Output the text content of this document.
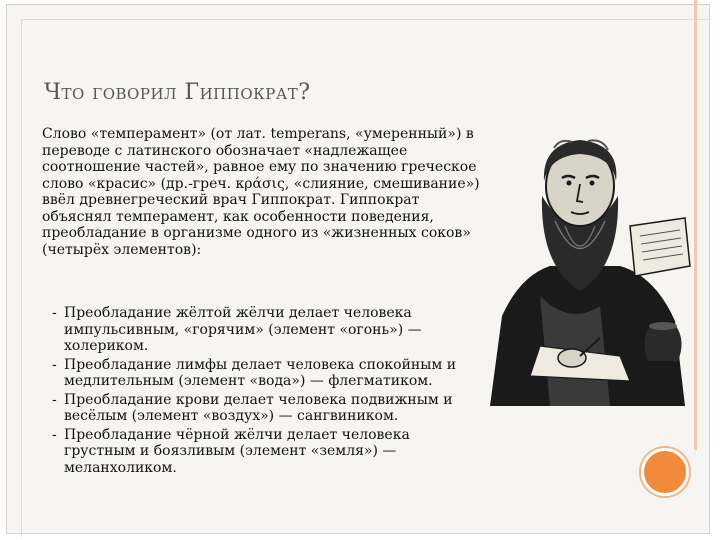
Что говорил Гиппократ?
Слово «темперамент» (от лат. temperans, «умеренный») в переводе с латинского обозначает «надлежащее соотношение частей», равное ему по значению греческое слово «красис» (др.-греч. κράσις, «слияние, смешивание») ввёл древнегреческий врач Гиппократ. Гиппократ объяснял темперамент, как особенности поведения, преобладание в организме одного из «жизненных соков» (четырёх элементов):
- Преобладание жёлтой жёлчи делает человека импульсивным, «горячим» (элемент «огонь») — холериком.
- Преобладание лимфы делает человека спокойным и медлительным (элемент «вода») — флегматиком.
- Преобладание крови делает человека подвижным и весёлым (элемент «воздух») — сангвиником.
- Преобладание чёрной жёлчи делает человека грустным и боязливым (элемент «земля») — меланхоликом.
